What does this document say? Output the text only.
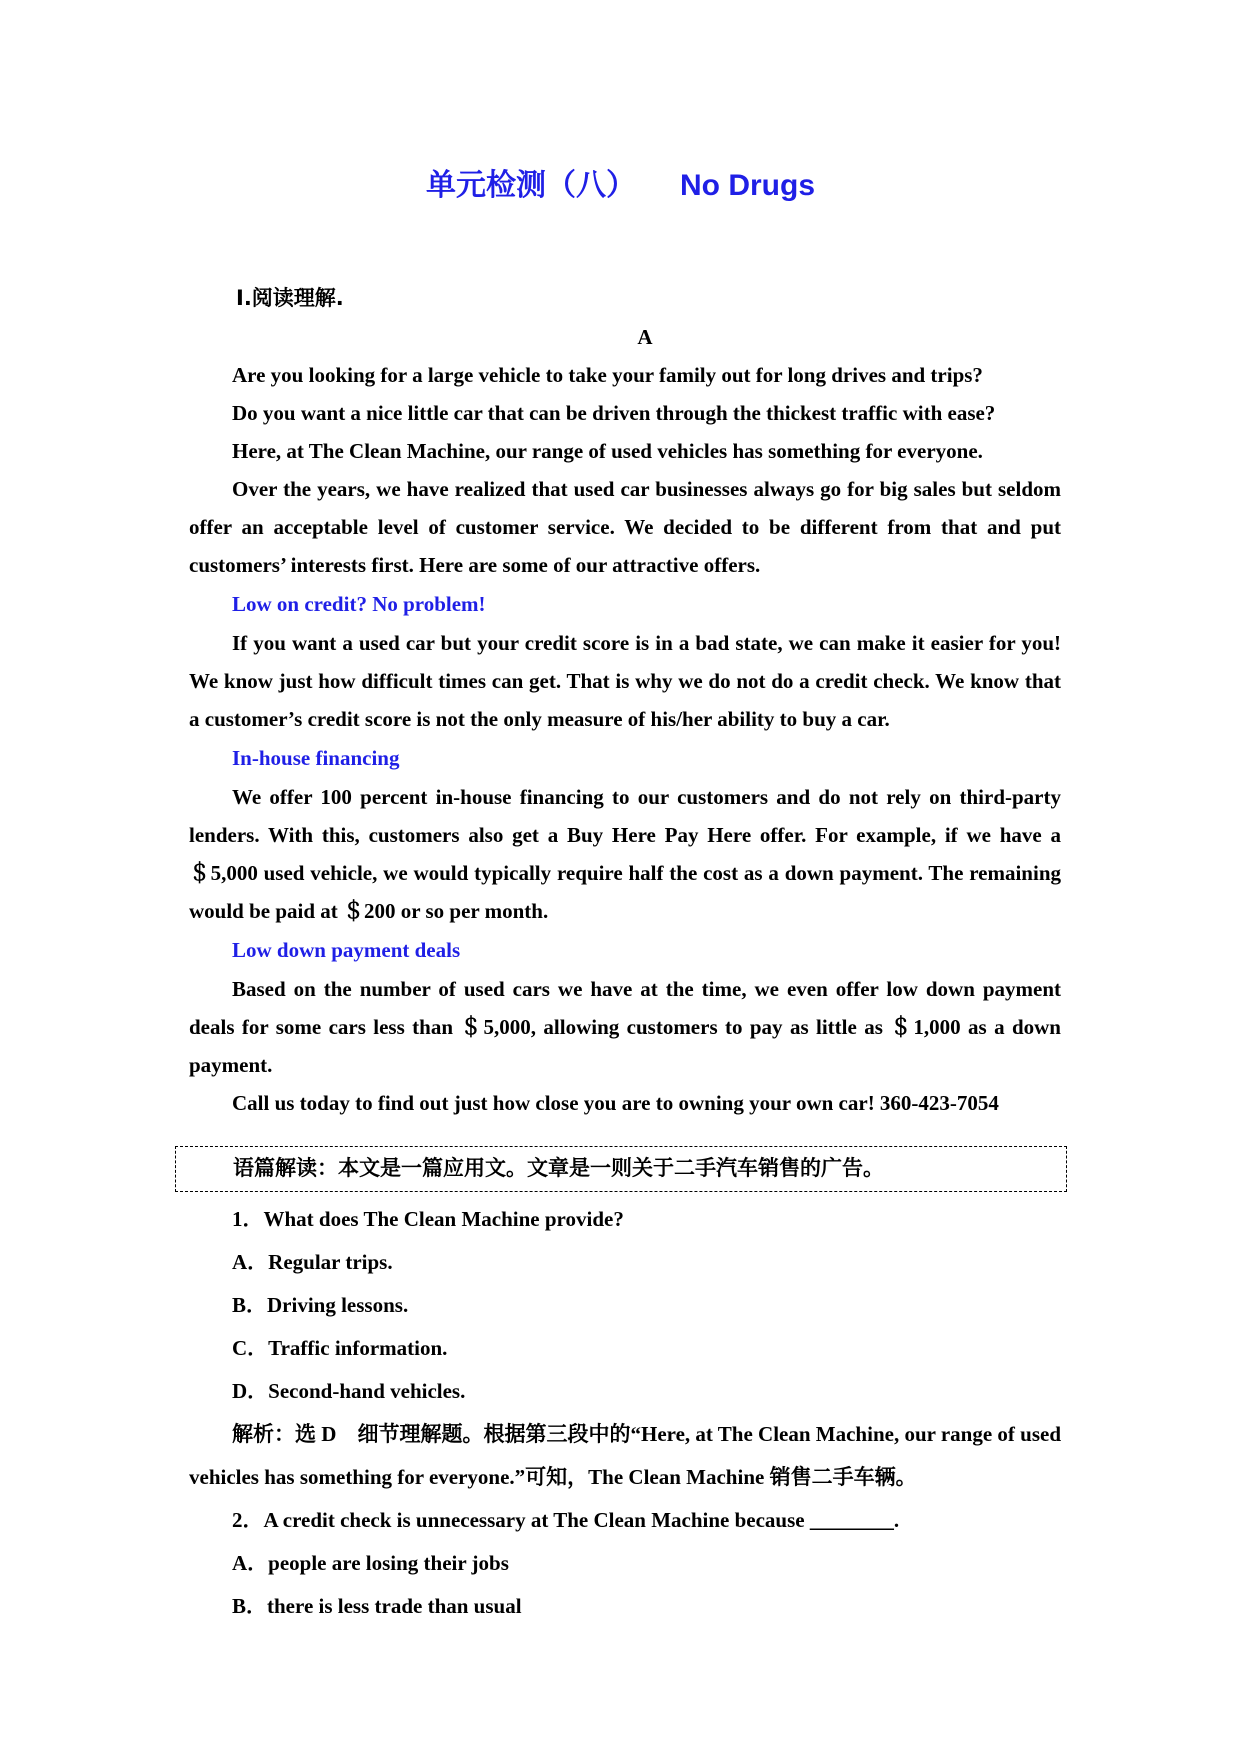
单元检测（八） No Drugs
Ⅰ.阅读理解.
A

Are you looking for a large vehicle to take your family out for long drives and trips?

Do you want a nice little car that can be driven through the thickest traffic with ease?

Here, at The Clean Machine, our range of used vehicles has something for everyone.

Over the years, we have realized that used car businesses always go for big sales but seldom offer an acceptable level of customer service. We decided to be different from that and put customers’ interests first. Here are some of our attractive offers.

Low on credit? No problem!

If you want a used car but your credit score is in a bad state, we can make it easier for you! We know just how difficult times can get. That is why we do not do a credit check. We know that a customer’s credit score is not the only measure of his/her ability to buy a car.

In-house financing

We offer 100 percent in-house financing to our customers and do not rely on third-party lenders. With this, customers also get a Buy Here Pay Here offer. For example, if we have a ＄5,000 used vehicle, we would typically require half the cost as a down payment. The remaining would be paid at ＄200 or so per month.

Low down payment deals

Based on the number of used cars we have at the time, we even offer low down payment deals for some cars less than ＄5,000, allowing customers to pay as little as ＄1,000 as a down payment.

Call us today to find out just how close you are to owning your own car! 360-423-7054

语篇解读：本文是一篇应用文。文章是一则关于二手汽车销售的广告。

1．What does The Clean Machine provide?

A．Regular trips.

B．Driving lessons.

C．Traffic information.

D．Second-hand vehicles.

解析：选 D　细节理解题。根据第三段中的“Here, at The Clean Machine, our range of used vehicles has something for everyone.”可知，The Clean Machine 销售二手车辆。

2．A credit check is unnecessary at The Clean Machine because ________.

A．people are losing their jobs

B．there is less trade than usual
